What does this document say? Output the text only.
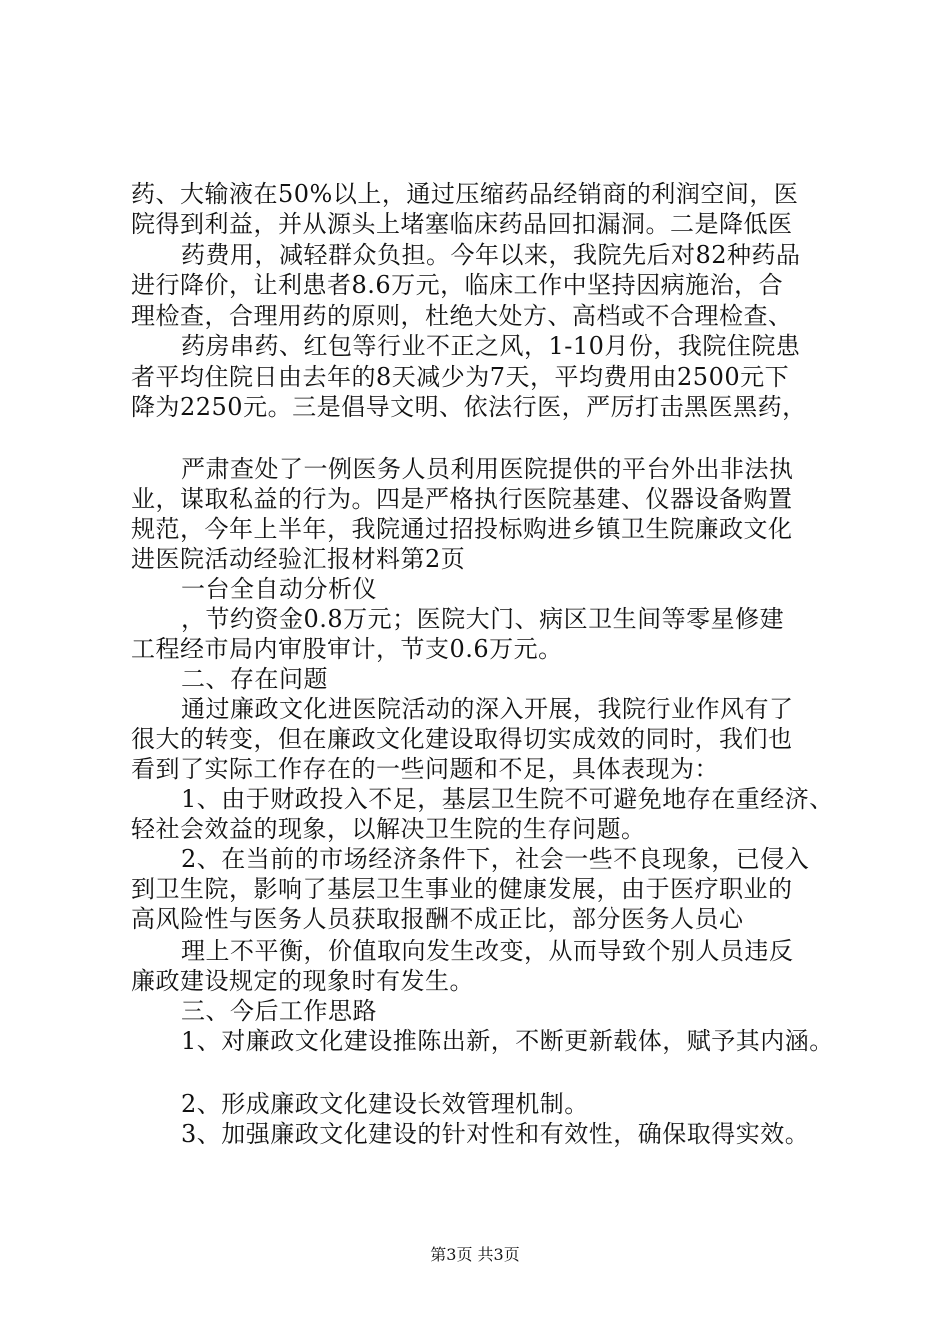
药、大输液在50%以上，通过压缩药品经销商的利润空间，医
院得到利益，并从源头上堵塞临床药品回扣漏洞。二是降低医
药费用，减轻群众负担。今年以来，我院先后对82种药品
进行降价，让利患者8.6万元，临床工作中坚持因病施治，合
理检查，合理用药的原则，杜绝大处方、高档或不合理检查、
药房串药、红包等行业不正之风，1-10月份，我院住院患
者平均住院日由去年的8天减少为7天，平均费用由2500元下
降为2250元。三是倡导文明、依法行医，严厉打击黑医黑药，
严肃查处了一例医务人员利用医院提供的平台外出非法执
业，谋取私益的行为。四是严格执行医院基建、仪器设备购置
规范，今年上半年，我院通过招投标购进乡镇卫生院廉政文化
进医院活动经验汇报材料第2页
一台全自动分析仪
，节约资金0.8万元；医院大门、病区卫生间等零星修建
工程经市局内审股审计，节支0.6万元。
二、存在问题
通过廉政文化进医院活动的深入开展，我院行业作风有了
很大的转变，但在廉政文化建设取得切实成效的同时，我们也
看到了实际工作存在的一些问题和不足，具体表现为：
1、由于财政投入不足，基层卫生院不可避免地存在重经济、
轻社会效益的现象，以解决卫生院的生存问题。
2、在当前的市场经济条件下，社会一些不良现象，已侵入
到卫生院，影响了基层卫生事业的健康发展，由于医疗职业的
高风险性与医务人员获取报酬不成正比，部分医务人员心
理上不平衡，价值取向发生改变，从而导致个别人员违反
廉政建设规定的现象时有发生。
三、今后工作思路
1、对廉政文化建设推陈出新，不断更新载体，赋予其内涵。
2、形成廉政文化建设长效管理机制。
3、加强廉政文化建设的针对性和有效性，确保取得实效。
第3页 共3页
